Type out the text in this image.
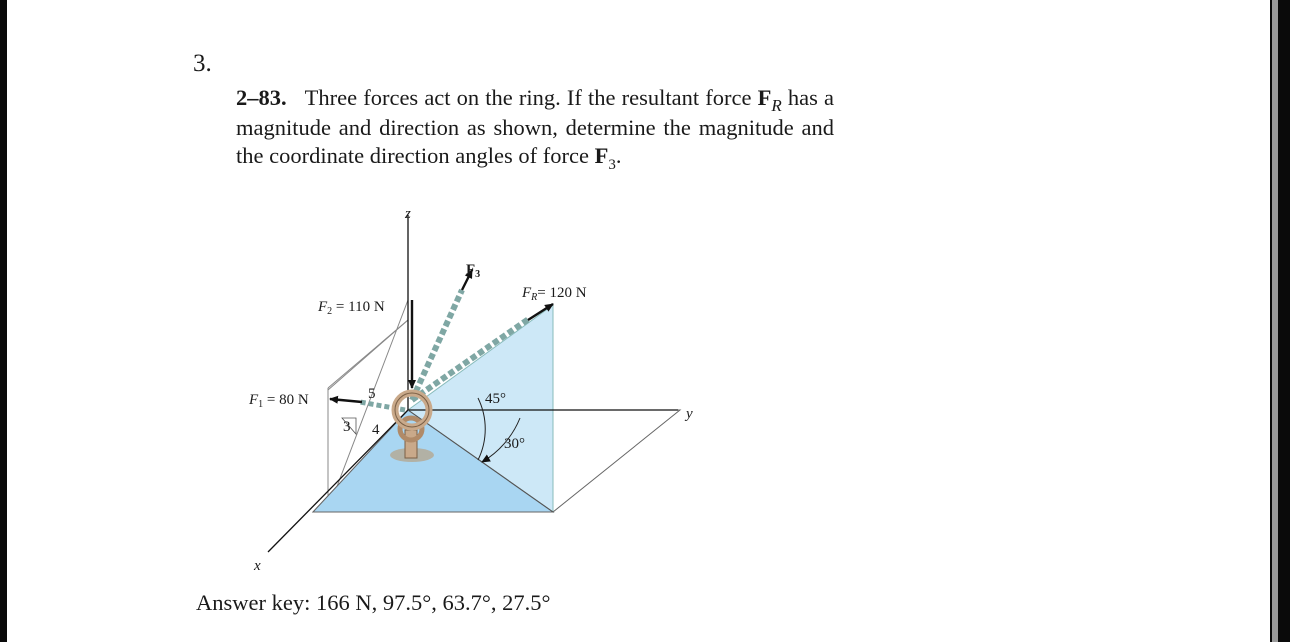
3.
2–83. Three forces act on the ring. If the resultant force $F_R$ has a magnitude and direction as shown, determine the magnitude and the coordinate direction angles of force $F_3$.
z
y
x
$F_3$
$F_R= 120$ N
$F_2 = 110$ N
$F_1 = 80$ N	5
3 4
45°
30°
Answer key: 166 N, 97.5°, 63.7°, 27.5°
